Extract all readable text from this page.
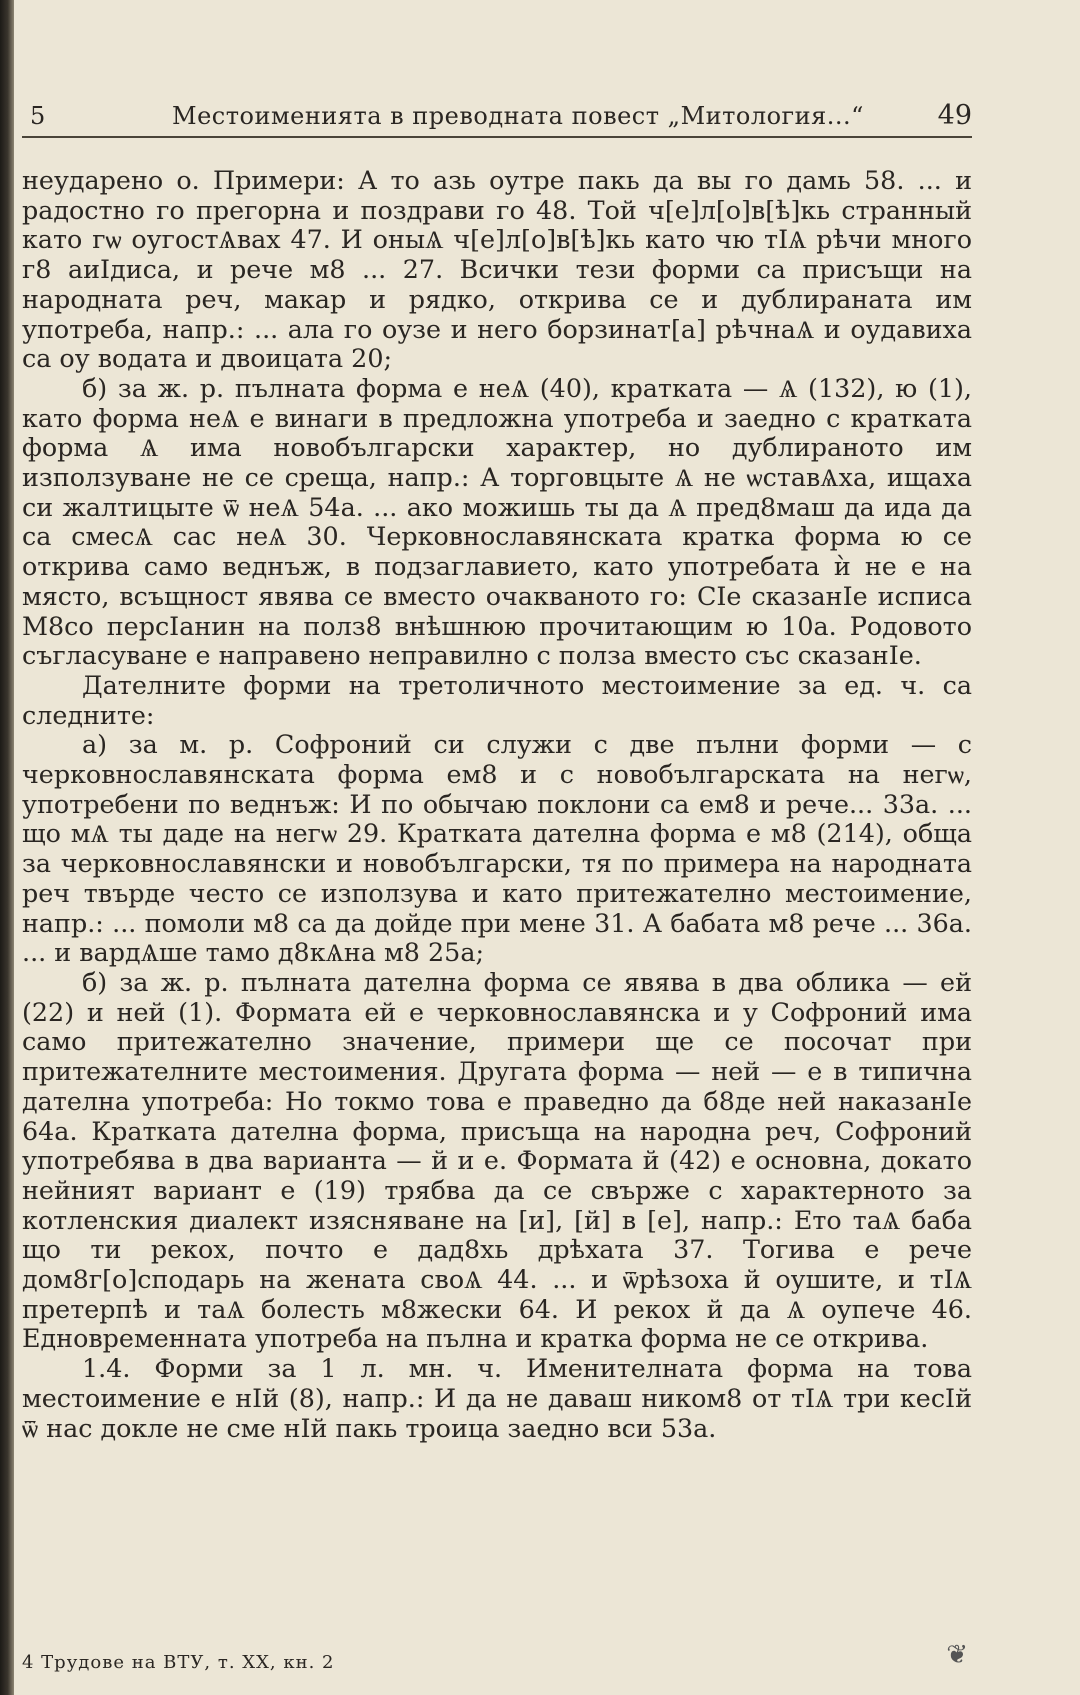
5	Местоименията в преводната повест „Митология...“	49

неударено о. Примери: А то азь оутре пакь да вы го дамь 58. ... и радостно го прегорна и поздрави го 48. Той ч[е]л[о]в[ѣ]кь странный като гѡ оугостѦвах 47. И оныѦ ч[е]л[о]в[ѣ]кь като чю тІѦ рѣчи много г8 аиІдиса, и рече м8 ... 27. Всички тези форми са присъщи на народната реч, макар и рядко, открива се и дублираната им употреба, напр.: ... ала го оузе и него борзинат[а] рѣчнаѦ и оудавиха са оу водата и двоицата 20;

б) за ж. р. пълната форма е неѦ (40), кратката — Ѧ (132), ю (1), като форма неѦ е винаги в предложна употреба и заедно с кратката форма Ѧ има новобългарски характер, но дублираното им използуване не се среща, напр.: А торговцыте Ѧ не ѡставѦха, ищаха си жалтицыте ѿ неѦ 54а. ... ако можишь ты да Ѧ пред8маш да ида да са смесѦ сас неѦ 30. Черковнославянската кратка форма ю се открива само веднъж, в подзаглавието, като употребата ѝ не е на място, всъщност явява се вместо очакваното го: СІе сказанІе исписа М8со персІанин на полз8 внѣшнюю прочитающим ю 10а. Родовото съгласуване е направено неправилно с полза вместо със сказанІе.

Дателните форми на третоличното местоимение за ед. ч. са следните:

а) за м. р. Софроний си служи с две пълни форми — с черковнославянската форма ем8 и с новобългарската на негѡ, употребени по веднъж: И по обычаю поклони са ем8 и рече... 33а. ... що мѦ ты даде на негѡ 29. Кратката дателна форма е м8 (214), обща за черковнославянски и новобългарски, тя по примера на народната реч твърде често се използува и като притежателно местоимение, напр.: ... помоли м8 са да дойде при мене 31. А бабата м8 рече ... 36а. ... и вардѦше тамо д8кѦна м8 25а;

б) за ж. р. пълната дателна форма се явява в два облика — ей (22) и ней (1). Формата ей е черковнославянска и у Софроний има само притежателно значение, примери ще се посочат при притежателните местоимения. Другата форма — ней — е в типична дателна употреба: Но токмо това е праведно да б8де ней наказанІе 64а. Кратката дателна форма, присъща на народна реч, Софроний употребява в два варианта — й и е. Формата й (42) е основна, докато нейният вариант е (19) трябва да се свърже с характерното за котленския диалект изясняване на [и], [й] в [е], напр.: Ето таѦ баба що ти рекох, почто е дад8хь дрѣхата 37. Тогива е рече дом8г[о]сподарь на жената своѦ 44. ... и ѿрѣзоха й оушите, и тІѦ претерпѣ и таѦ болесть м8жески 64. И рекох й да Ѧ оупече 46. Едновременната употреба на пълна и кратка форма не се открива.

1.4. Форми за 1 л. мн. ч. Именителната форма на това местоимение е нІй (8), напр.: И да не даваш ником8 от тІѦ три кесІй ѿ нас докле не сме нІй пакь троица заедно вси 53а.

4 Трудове на ВТУ, т. XX, кн. 2	❦
